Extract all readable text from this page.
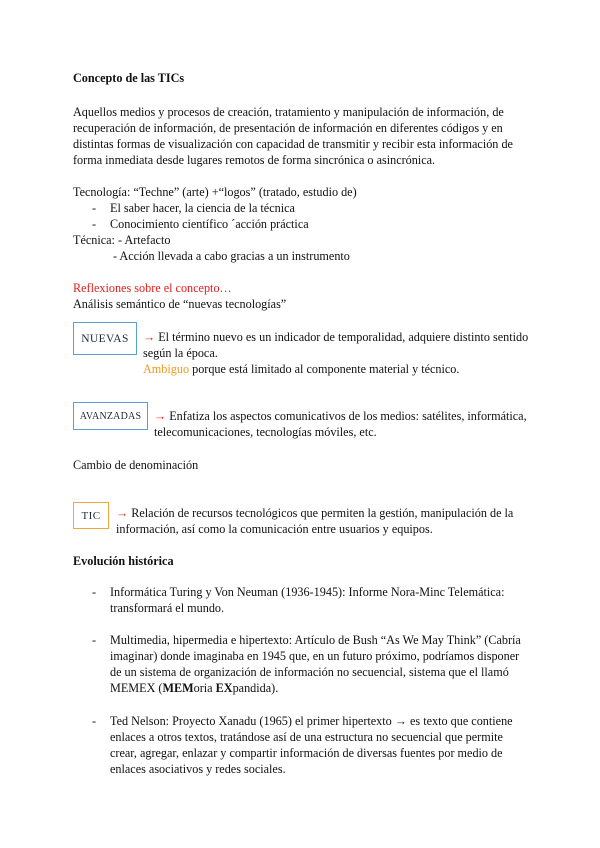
Concepto de las TICs
Aquellos medios y procesos de creación, tratamiento y manipulación de información, de
recuperación de información, de presentación de información en diferentes códigos y en
distintas formas de visualización con capacidad de transmitir y recibir esta información de
forma inmediata desde lugares remotos de forma sincrónica o asincrónica.
Tecnología: “Techne” (arte) +“logos” (tratado, estudio de)
- El saber hacer, la ciencia de la técnica
- Conocimiento científico ´acción práctica
Técnica: - Artefacto
- Acción llevada a cabo gracias a un instrumento
Reflexiones sobre el concepto…
Análisis semántico de “nuevas tecnologías”
NUEVAS → El término nuevo es un indicador de temporalidad, adquiere distinto sentido
según la época.
Ambiguo porque está limitado al componente material y técnico.
AVANZADAS → Enfatiza los aspectos comunicativos de los medios: satélites, informática,
telecomunicaciones, tecnologías móviles, etc.
Cambio de denominación
TIC → Relación de recursos tecnológicos que permiten la gestión, manipulación de la
información, así como la comunicación entre usuarios y equipos.
Evolución histórica
- Informática Turing y Von Neuman (1936-1945): Informe Nora-Minc Telemática:
transformará el mundo.
- Multimedia, hipermedia e hipertexto: Artículo de Bush “As We May Think” (Cabría
imaginar) donde imaginaba en 1945 que, en un futuro próximo, podríamos disponer
de un sistema de organización de información no secuencial, sistema que el llamó
MEMEX (MEMoria EXpandida).
- Ted Nelson: Proyecto Xanadu (1965) el primer hipertexto → es texto que contiene
enlaces a otros textos, tratándose así de una estructura no secuencial que permite
crear, agregar, enlazar y compartir información de diversas fuentes por medio de
enlaces asociativos y redes sociales.
